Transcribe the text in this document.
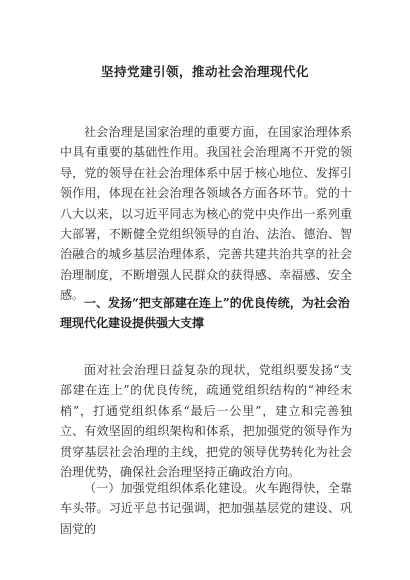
坚持党建引领，推动社会治理现代化

社会治理是国家治理的重要方面，在国家治理体系中具有重要的基础性作用。我国社会治理离不开党的领导，党的领导在社会治理体系中居于核心地位、发挥引领作用，体现在社会治理各领域各方面各环节。党的十八大以来，以习近平同志为核心的党中央作出一系列重大部署，不断健全党组织领导的自治、法治、德治、智治融合的城乡基层治理体系，完善共建共治共享的社会治理制度，不断增强人民群众的获得感、幸福感、安全感。

一、发扬“把支部建在连上”的优良传统，为社会治理现代化建设提供强大支撑

面对社会治理日益复杂的现状，党组织要发扬“支部建在连上”的优良传统，疏通党组织结构的“神经末梢”，打通党组织体系“最后一公里”，建立和完善独立、有效坚固的组织架构和体系，把加强党的领导作为贯穿基层社会治理的主线，把党的领导优势转化为社会治理优势，确保社会治理坚持正确政治方向。

（一）加强党组织体系化建设。火车跑得快，全靠车头带。习近平总书记强调，把加强基层党的建设、巩固党的
